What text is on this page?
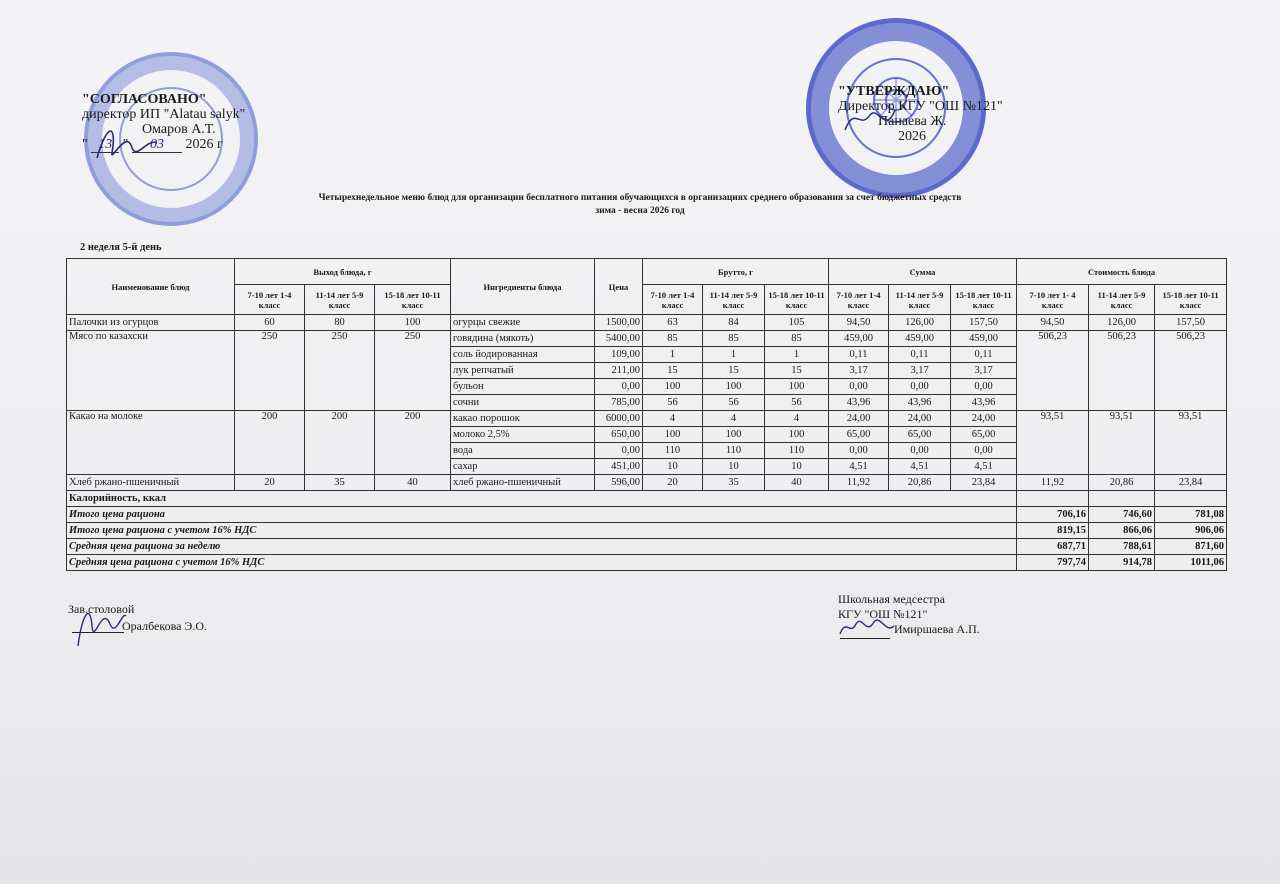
"СОГЛАСОВАНО"
директор ИП "Alatau salyk"
Омаров А.Т.
" 13 " 03 2026 г
"УТВЕРЖДАЮ"
Директор КГУ "ОШ №121"
Панаева Ж.
2026
Четырехнедельное меню блюд для организации бесплатного питания обучающихся в организациях среднего образования за счет бюджетных средств
зима - весна 2026 год
2 неделя 5-й день
Наименование блюд	Выход блюда, г			Ингредиенты блюда	Цена	Брутто, г			Сумма			Стоимость блюда		
	7-10 лет 1-4 класс	11-14 лет 5-9 класс	15-18 лет 10-11 класс			7-10 лет 1-4 класс	11-14 лет 5-9 класс	15-18 лет 10-11 класс	7-10 лет 1-4 класс	11-14 лет 5-9 класс	15-18 лет 10-11 класс	7-10 лет 1- 4 класс	11-14 лет 5-9 класс	15-18 лет 10-11 класс
Палочки из огурцов	60	80	100	огурцы свежие	1500,00	63	84	105	94,50	126,00	157,50	94,50	126,00	157,50
Мясо по казахски	250	250	250	говядина (мякоть)	5400,00	85	85	85	459,00	459,00	459,00	506,23	506,23	506,23
				соль йодированная	109,00	1	1	1	0,11	0,11	0,11			
				лук репчатый	211,00	15	15	15	3,17	3,17	3,17			
				бульон	0,00	100	100	100	0,00	0,00	0,00			
				сочни	785,00	56	56	56	43,96	43,96	43,96			
Какао на молоке	200	200	200	какао порошок	6000,00	4	4	4	24,00	24,00	24,00	93,51	93,51	93,51
				молоко 2,5%	650,00	100	100	100	65,00	65,00	65,00			
				вода	0,00	110	110	110	0,00	0,00	0,00			
				сахар	451,00	10	10	10	4,51	4,51	4,51			
Хлеб ржано-пшеничный	20	35	40	хлеб ржано-пшеничный	596,00	20	35	40	11,92	20,86	23,84	11,92	20,86	23,84
Калорийность, ккал														
Итого цена рациона												706,16	746,60	781,08
Итого цена рациона с учетом 16% НДС												819,15	866,06	906,06
Средняя цена рациона за неделю												687,71	788,61	871,60
Средняя цена рациона с учетом 16% НДС												797,74	914,78	1011,06
Зав.столовой
Оралбекова Э.О.
Школьная медсестра
КГУ "ОШ №121"
Имиршаева А.П.
